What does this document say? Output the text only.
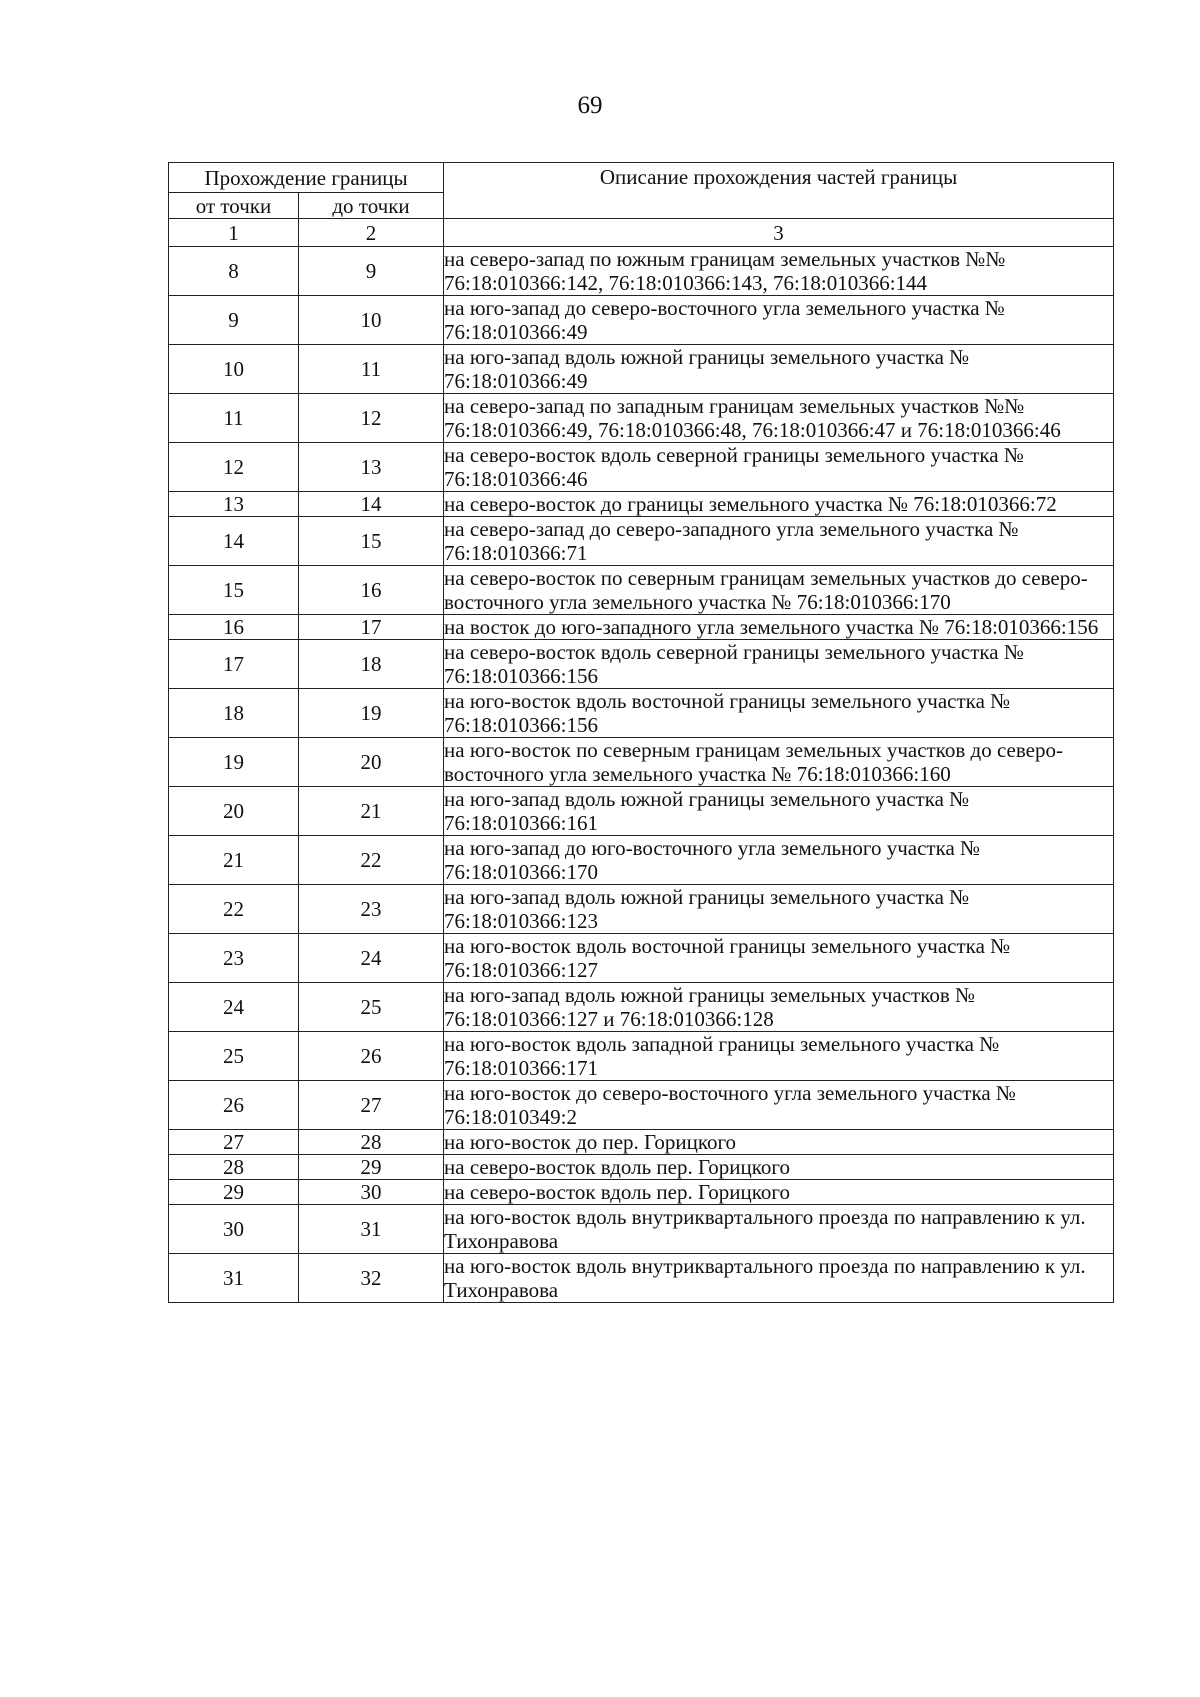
69
Прохождение границы		Описание прохождения частей границы
от точки	до точки	
1	2	3
8	9	на северо-запад по южным границам земельных участков №№ 76:18:010366:142, 76:18:010366:143, 76:18:010366:144
9	10	на юго-запад до северо-восточного угла земельного участка № 76:18:010366:49
10	11	на юго-запад вдоль южной границы земельного участка № 76:18:010366:49
11	12	на северо-запад по западным границам земельных участков №№ 76:18:010366:49, 76:18:010366:48, 76:18:010366:47 и 76:18:010366:46
12	13	на северо-восток вдоль северной границы земельного участка № 76:18:010366:46
13	14	на северо-восток до границы земельного участка № 76:18:010366:72
14	15	на северо-запад до северо-западного угла земельного участка № 76:18:010366:71
15	16	на северо-восток по северным границам земельных участков до северо-восточного угла земельного участка № 76:18:010366:170
16	17	на восток до юго-западного угла земельного участка № 76:18:010366:156
17	18	на северо-восток вдоль северной границы земельного участка № 76:18:010366:156
18	19	на юго-восток вдоль восточной границы земельного участка № 76:18:010366:156
19	20	на юго-восток по северным границам земельных участков до северо-восточного угла земельного участка № 76:18:010366:160
20	21	на юго-запад вдоль южной границы земельного участка № 76:18:010366:161
21	22	на юго-запад до юго-восточного угла земельного участка № 76:18:010366:170
22	23	на юго-запад вдоль южной границы земельного участка № 76:18:010366:123
23	24	на юго-восток вдоль восточной границы земельного участка № 76:18:010366:127
24	25	на юго-запад вдоль южной границы земельных участков № 76:18:010366:127 и 76:18:010366:128
25	26	на юго-восток вдоль западной границы земельного участка № 76:18:010366:171
26	27	на юго-восток до северо-восточного угла земельного участка № 76:18:010349:2
27	28	на юго-восток до пер. Горицкого
28	29	на северо-восток вдоль пер. Горицкого
29	30	на северо-восток вдоль пер. Горицкого
30	31	на юго-восток вдоль внутриквартального проезда по направлению к ул. Тихонравова
31	32	на юго-восток вдоль внутриквартального проезда по направлению к ул. Тихонравова
